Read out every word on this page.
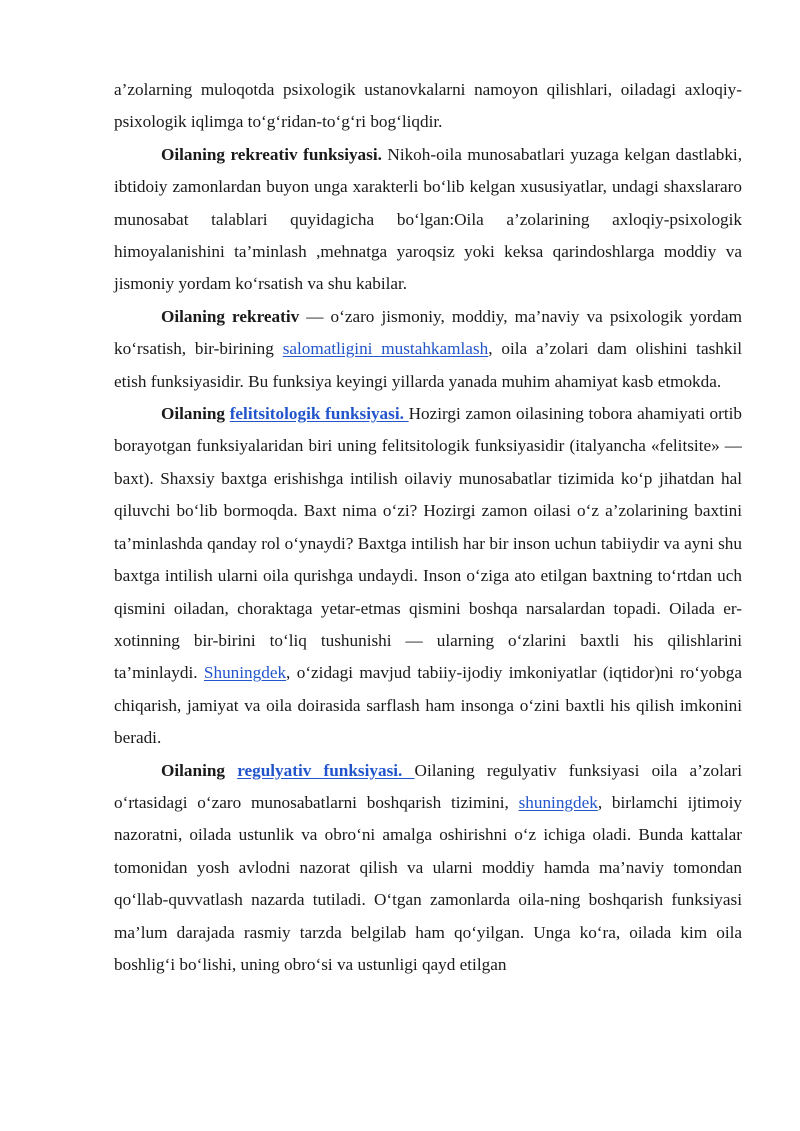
a’zolarning muloqotda psixologik ustanovkalarni namoyon qilishlari, oiladagi axloqiy-psixologik iqlimga to‘g‘ridan-to‘g‘ri bog‘liqdir.

Oilaning rekreativ funksiyasi. Nikoh-oila munosabatlari yuzaga kelgan dastlabki, ibtidoiy zamonlardan buyon unga xarakterli bo‘lib kelgan xususiyatlar, undagi shaxslararo munosabat talablari quyidagicha bo‘lgan:Oila a’zolarining axloqiy-psixologik himoyalanishini ta’minlash ,mehnatga yaroqsiz yoki keksa qarindoshlarga moddiy va jismoniy yordam ko‘rsatish va shu kabilar.

Oilaning rekreativ — o‘zaro jismoniy, moddiy, ma’naviy va psixologik yordam ko‘rsatish, bir-birining salomatligini mustahkamlash, oila a’zolari dam olishini tashkil etish funksiyasidir. Bu funksiya keyingi yillarda yanada muhim ahamiyat kasb etmokda.

Oilaning felitsitologik funksiyasi. Hozirgi zamon oilasining tobora ahamiyati ortib borayotgan funksiyalaridan biri uning felitsitologik funksiyasidir (italyancha «felitsite» — baxt). Shaxsiy baxtga erishishga intilish oilaviy munosabatlar tizimida ko‘p jihatdan hal qiluvchi bo‘lib bormoqda. Baxt nima o‘zi? Hozirgi zamon oilasi o‘z a’zolarining baxtini ta’minlashda qanday rol o‘ynaydi? Baxtga intilish har bir inson uchun tabiiydir va ayni shu baxtga intilish ularni oila qurishga undaydi. Inson o‘ziga ato etilgan baxtning to‘rtdan uch qismini oiladan, choraktaga yetar-etmas qismini boshqa narsalardan topadi. Oilada er-xotinning bir-birini to‘liq tushunishi — ularning o‘zlarini baxtli his qilishlarini ta’minlaydi. Shuningdek, o‘zidagi mavjud tabiiy-ijodiy imkoniyatlar (iqtidor)ni ro‘yobga chiqarish, jamiyat va oila doirasida sarflash ham insonga o‘zini baxtli his qilish imkonini beradi.

Oilaning regulyativ funksiyasi. Oilaning regulyativ funksiyasi oila a’zolari o‘rtasidagi o‘zaro munosabatlarni boshqarish tizimini, shuningdek, birlamchi ijtimoiy nazoratni, oilada ustunlik va obro‘ni amalga oshirishni o‘z ichiga oladi. Bunda kattalar tomonidan yosh avlodni nazorat qilish va ularni moddiy hamda ma’naviy tomondan qo‘llab-quvvatlash nazarda tutiladi. O‘tgan zamonlarda oila-ning boshqarish funksiyasi ma’lum darajada rasmiy tarzda belgilab ham qo‘yilgan. Unga ko‘ra, oilada kim oila boshlig‘i bo‘lishi, uning obro‘si va ustunligi qayd etilgan
